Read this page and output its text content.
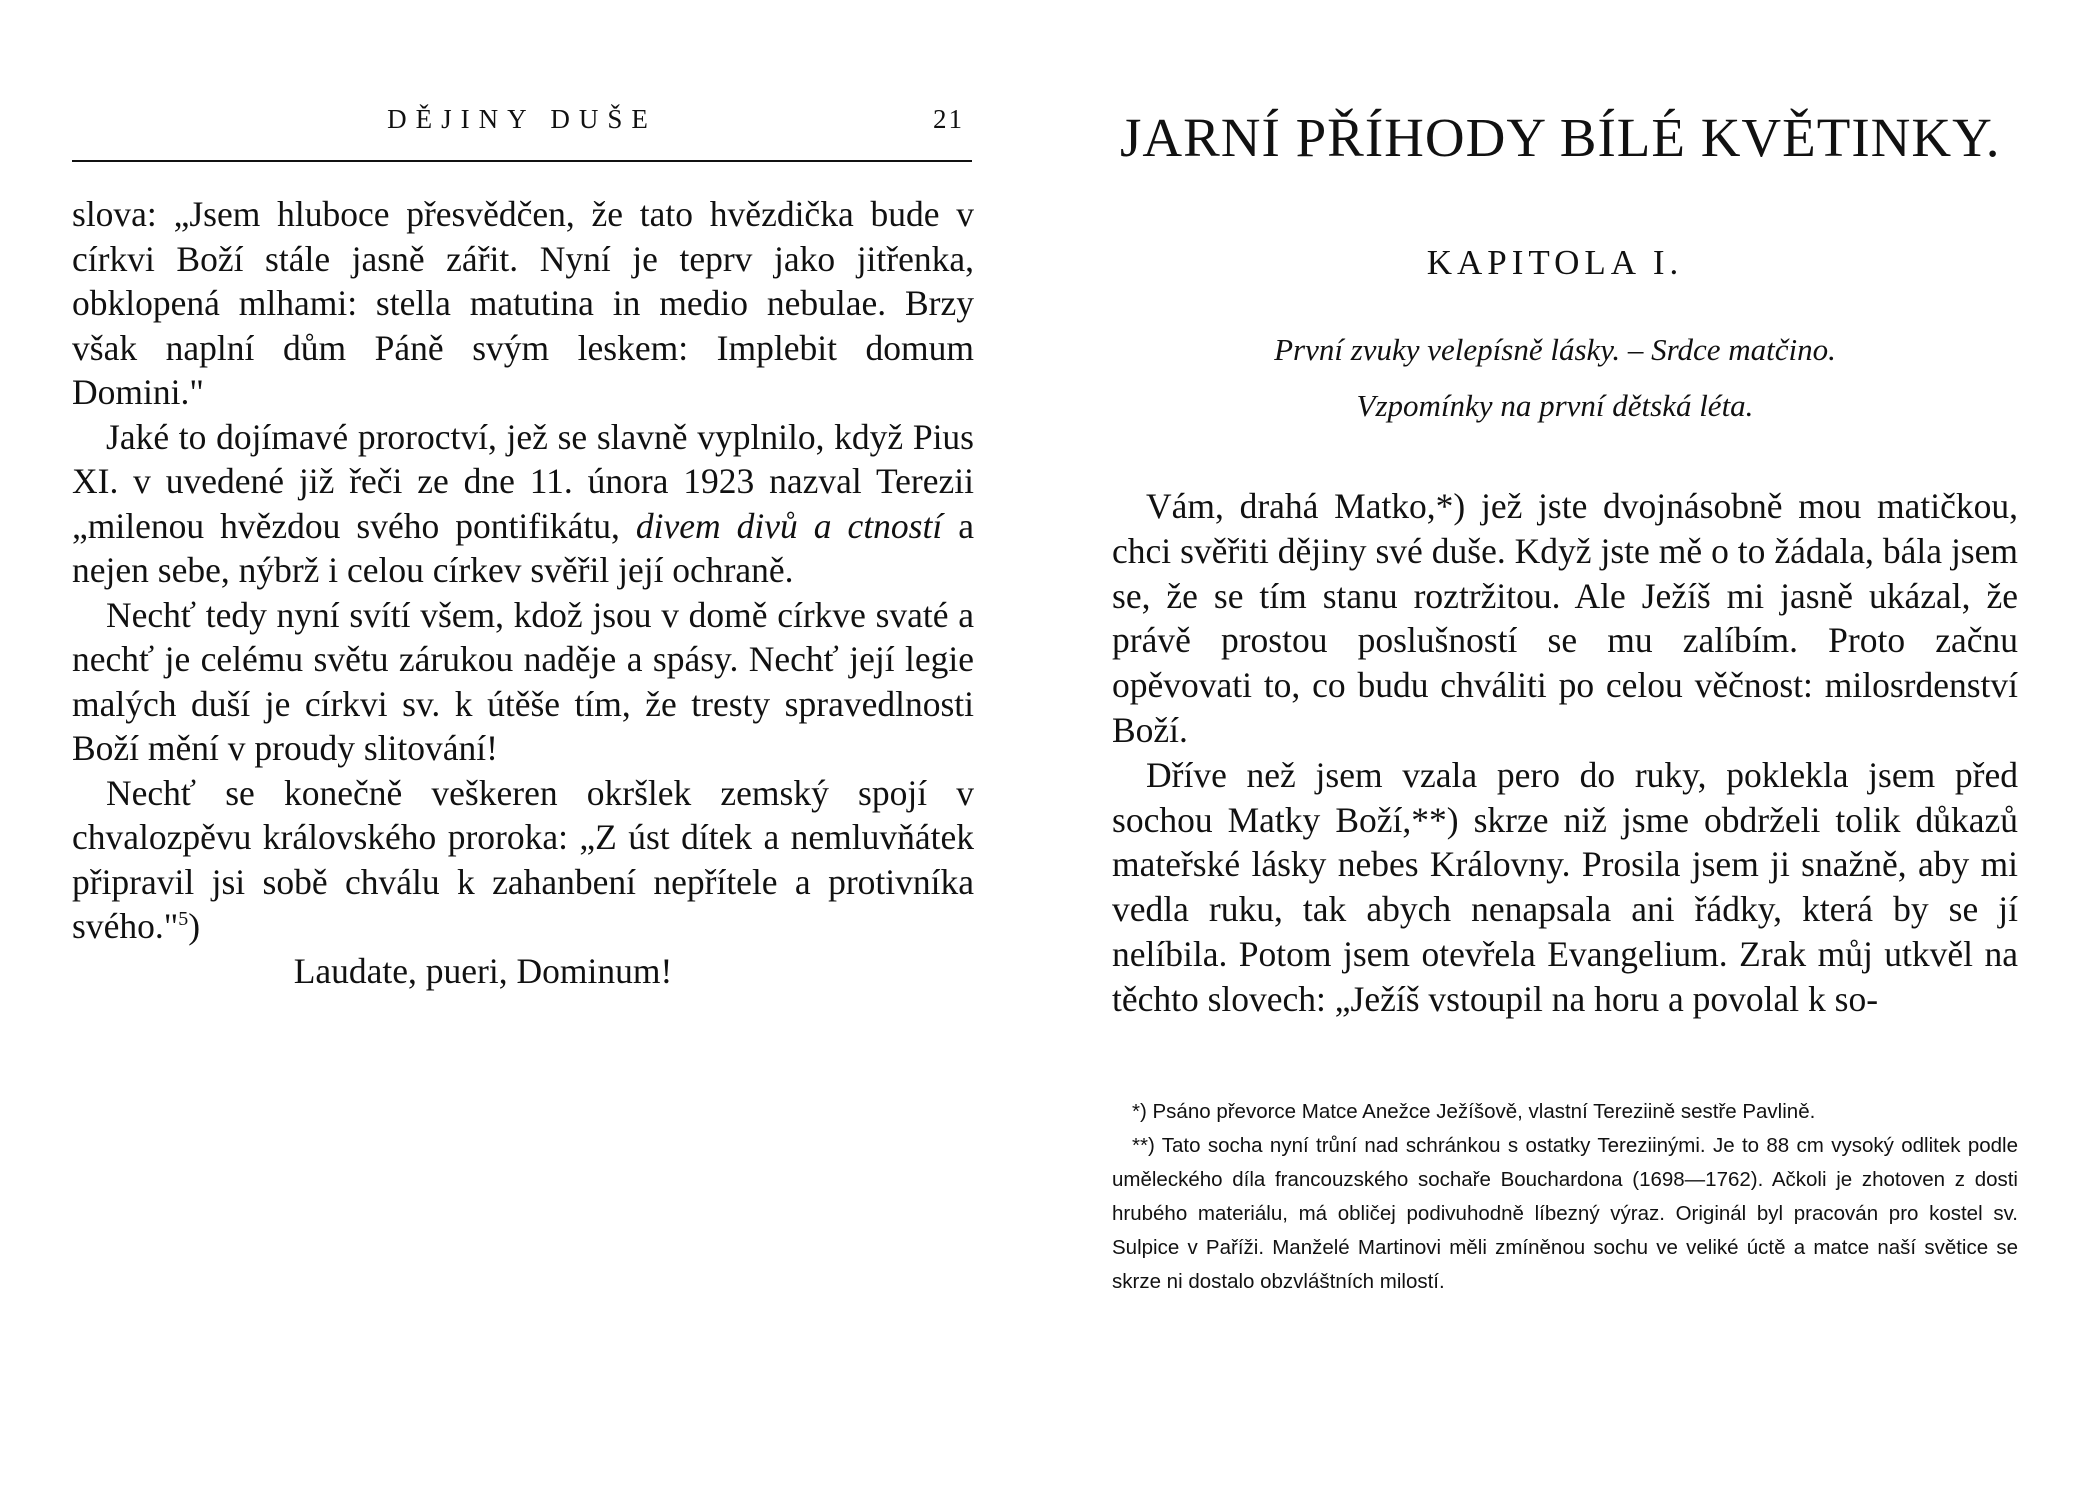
DĚJINY DUŠE	21

slova: „Jsem hluboce přesvědčen, že tato hvězdička bude v církvi Boží stále jasně zářit. Nyní je teprv jako jitřenka, obklopená mlhami: stella matutina in medio nebulae. Brzy však naplní dům Páně svým leskem: Implebit domum Domini."

Jaké to dojímavé proroctví, jež se slavně vyplnilo, když Pius XI. v uvedené již řeči ze dne 11. února 1923 nazval Terezii „milenou hvězdou svého pontifikátu, divem divů a ctností a nejen sebe, nýbrž i celou církev svěřil její ochraně.

Nechť tedy nyní svítí všem, kdož jsou v domě církve svaté a nechť je celému světu zárukou naděje a spásy. Nechť její legie malých duší je církvi sv. k útěše tím, že tresty spravedlnosti Boží mění v proudy slitování!

Nechť se konečně veškeren okršlek zemský spojí v chvalozpěvu královského proroka: „Z úst dítek a nemluvňátek připravil jsi sobě chválu k zahanbení nepřítele a protivníka svého."$^5$)

Laudate, pueri, Dominum!

JARNÍ PŘÍHODY BÍLÉ KVĚTINKY.
KAPITOLA I.
První zvuky velepísně lásky. – Srdce matčino.
Vzpomínky na první dětská léta.

Vám, drahá Matko,*) jež jste dvojnásobně mou matičkou, chci svěřiti dějiny své duše. Když jste mě o to žádala, bála jsem se, že se tím stanu roztržitou. Ale Ježíš mi jasně ukázal, že právě prostou poslušností se mu zalíbím. Proto začnu opěvovati to, co budu chváliti po celou věčnost: milosrdenství Boží.

Dříve než jsem vzala pero do ruky, poklekla jsem před sochou Matky Boží,**) skrze niž jsme obdrželi tolik důkazů mateřské lásky nebes Královny. Prosila jsem ji snažně, aby mi vedla ruku, tak abych nenapsala ani řádky, která by se jí nelíbila. Potom jsem otevřela Evangelium. Zrak můj utkvěl na těchto slovech: „Ježíš vstoupil na horu a povolal k so-

*) Psáno převorce Matce Anežce Ježíšově, vlastní Tereziině sestře Pavlině.

**) Tato socha nyní trůní nad schránkou s ostatky Tereziinými. Je to 88 cm vysoký odlitek podle uměleckého díla francouzského sochaře Bouchardona (1698—1762). Ačkoli je zhotoven z dosti hrubého materiálu, má obličej podivuhodně líbezný výraz. Originál byl pracován pro kostel sv. Sulpice v Paříži. Manželé Martinovi měli zmíněnou sochu ve veliké úctě a matce naší světice se skrze ni dostalo obzvláštních milostí.
